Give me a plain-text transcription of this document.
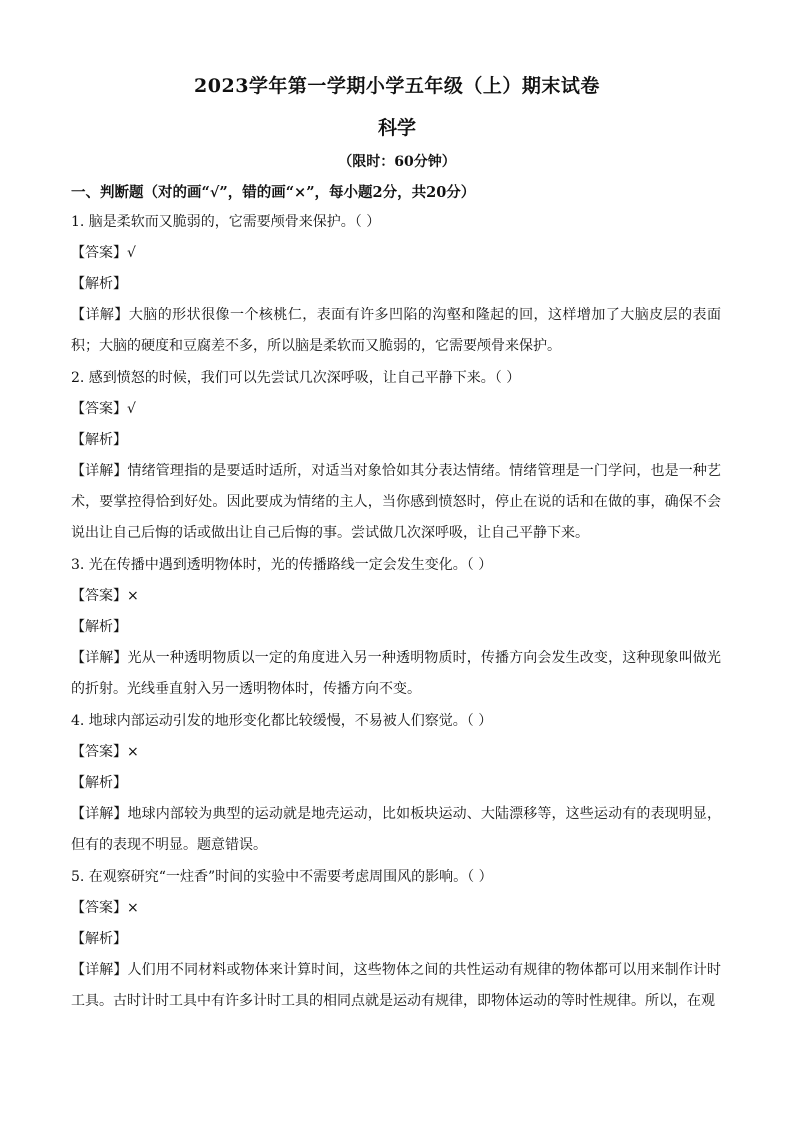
2023学年第一学期小学五年级（上）期末试卷
科学
（限时：60分钟）
一、判断题（对的画“√”，错的画“×”，每小题2分，共20分）
1. 脑是柔软而又脆弱的，它需要颅骨来保护。（ ）
【答案】√
【解析】
【详解】大脑的形状很像一个核桃仁，表面有许多凹陷的沟壑和隆起的回，这样增加了大脑皮层的表面积；大脑的硬度和豆腐差不多，所以脑是柔软而又脆弱的，它需要颅骨来保护。
2. 感到愤怒的时候，我们可以先尝试几次深呼吸，让自己平静下来。（ ）
【答案】√
【解析】
【详解】情绪管理指的是要适时适所，对适当对象恰如其分表达情绪。情绪管理是一门学问，也是一种艺术，要掌控得恰到好处。因此要成为情绪的主人，当你感到愤怒时，停止在说的话和在做的事，确保不会说出让自己后悔的话或做出让自己后悔的事。尝试做几次深呼吸，让自己平静下来。
3. 光在传播中遇到透明物体时，光的传播路线一定会发生变化。（ ）
【答案】×
【解析】
【详解】光从一种透明物质以一定的角度进入另一种透明物质时，传播方向会发生改变，这种现象叫做光的折射。光线垂直射入另一透明物体时，传播方向不变。
4. 地球内部运动引发的地形变化都比较缓慢，不易被人们察觉。（ ）
【答案】×
【解析】
【详解】地球内部较为典型的运动就是地壳运动，比如板块运动、大陆漂移等，这些运动有的表现明显，但有的表现不明显。题意错误。
5. 在观察研究“一炷香”时间的实验中不需要考虑周围风的影响。（ ）
【答案】×
【解析】
【详解】人们用不同材料或物体来计算时间，这些物体之间的共性运动有规律的物体都可以用来制作计时工具。古时计时工具中有许多计时工具的相同点就是运动有规律，即物体运动的等时性规律。所以，在观
